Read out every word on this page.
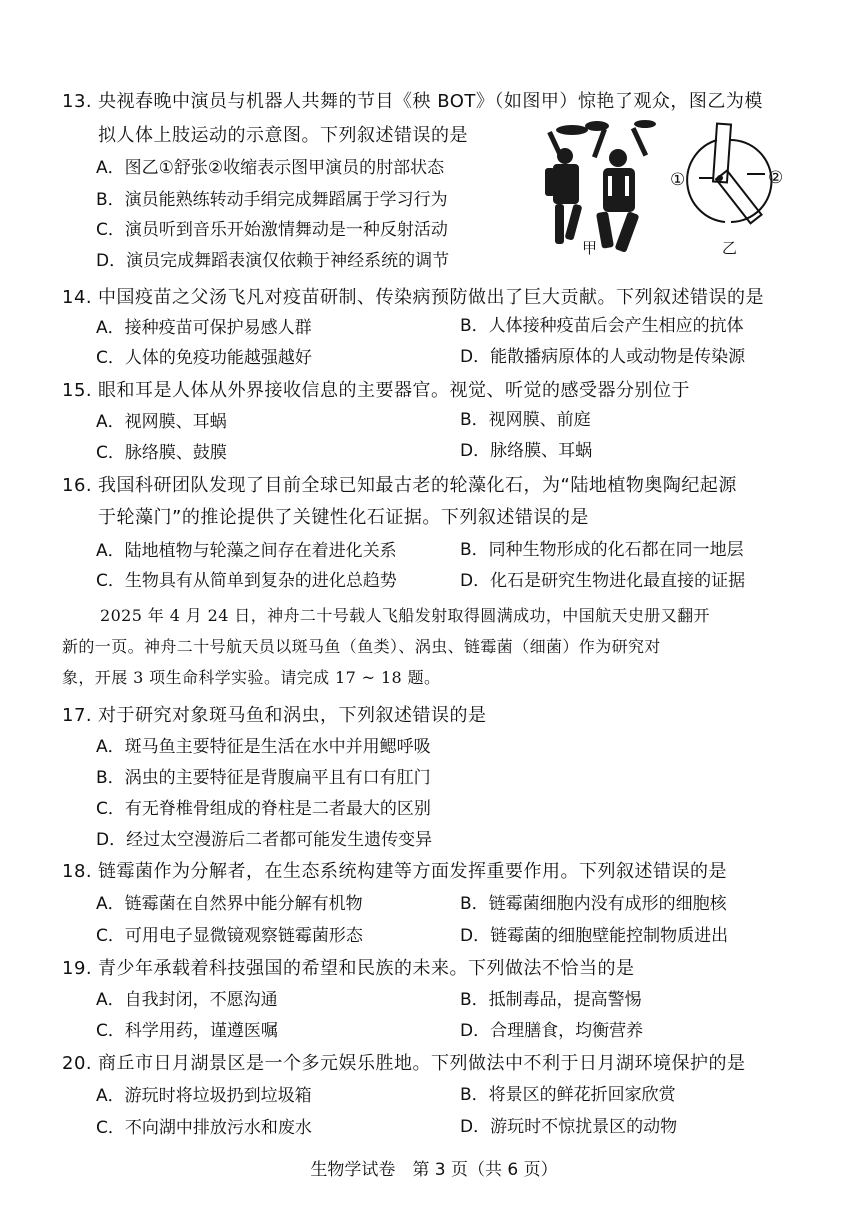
13. 央视春晚中演员与机器人共舞的节目《秧 BOT》（如图甲）惊艳了观众，图乙为模
拟人体上肢运动的示意图。下列叙述错误的是
A．图乙①舒张②收缩表示图甲演员的肘部状态
B．演员能熟练转动手绢完成舞蹈属于学习行为
C．演员听到音乐开始激情舞动是一种反射活动
D．演员完成舞蹈表演仅依赖于神经系统的调节
甲
①	②
乙
14. 中国疫苗之父汤飞凡对疫苗研制、传染病预防做出了巨大贡献。下列叙述错误的是
A．接种疫苗可保护易感人群	B．人体接种疫苗后会产生相应的抗体
C．人体的免疫功能越强越好	D．能散播病原体的人或动物是传染源
15. 眼和耳是人体从外界接收信息的主要器官。视觉、听觉的感受器分别位于
A．视网膜、耳蜗	B．视网膜、前庭
C．脉络膜、鼓膜	D．脉络膜、耳蜗
16. 我国科研团队发现了目前全球已知最古老的轮藻化石，为“陆地植物奥陶纪起源
于轮藻门”的推论提供了关键性化石证据。下列叙述错误的是
A．陆地植物与轮藻之间存在着进化关系	B．同种生物形成的化石都在同一地层
C．生物具有从简单到复杂的进化总趋势	D．化石是研究生物进化最直接的证据

2025 年 4 月 24 日，神舟二十号载人飞船发射取得圆满成功，中国航天史册又翻开

新的一页。神舟二十号航天员以斑马鱼（鱼类）、涡虫、链霉菌（细菌）作为研究对

象，开展 3 项生命科学实验。请完成 17 ~ 18 题。

17. 对于研究对象斑马鱼和涡虫，下列叙述错误的是
A．斑马鱼主要特征是生活在水中并用鳃呼吸
B．涡虫的主要特征是背腹扁平且有口有肛门
C．有无脊椎骨组成的脊柱是二者最大的区别
D．经过太空漫游后二者都可能发生遗传变异
18. 链霉菌作为分解者，在生态系统构建等方面发挥重要作用。下列叙述错误的是
A．链霉菌在自然界中能分解有机物	B．链霉菌细胞内没有成形的细胞核
C．可用电子显微镜观察链霉菌形态	D．链霉菌的细胞壁能控制物质进出
19. 青少年承载着科技强国的希望和民族的未来。下列做法不恰当的是
A．自我封闭，不愿沟通	B．抵制毒品，提高警惕
C．科学用药，谨遵医嘱	D．合理膳食，均衡营养
20. 商丘市日月湖景区是一个多元娱乐胜地。下列做法中不利于日月湖环境保护的是
A．游玩时将垃圾扔到垃圾箱	B．将景区的鲜花折回家欣赏
C．不向湖中排放污水和废水	D．游玩时不惊扰景区的动物
生物学试卷　第 3 页（共 6 页）
